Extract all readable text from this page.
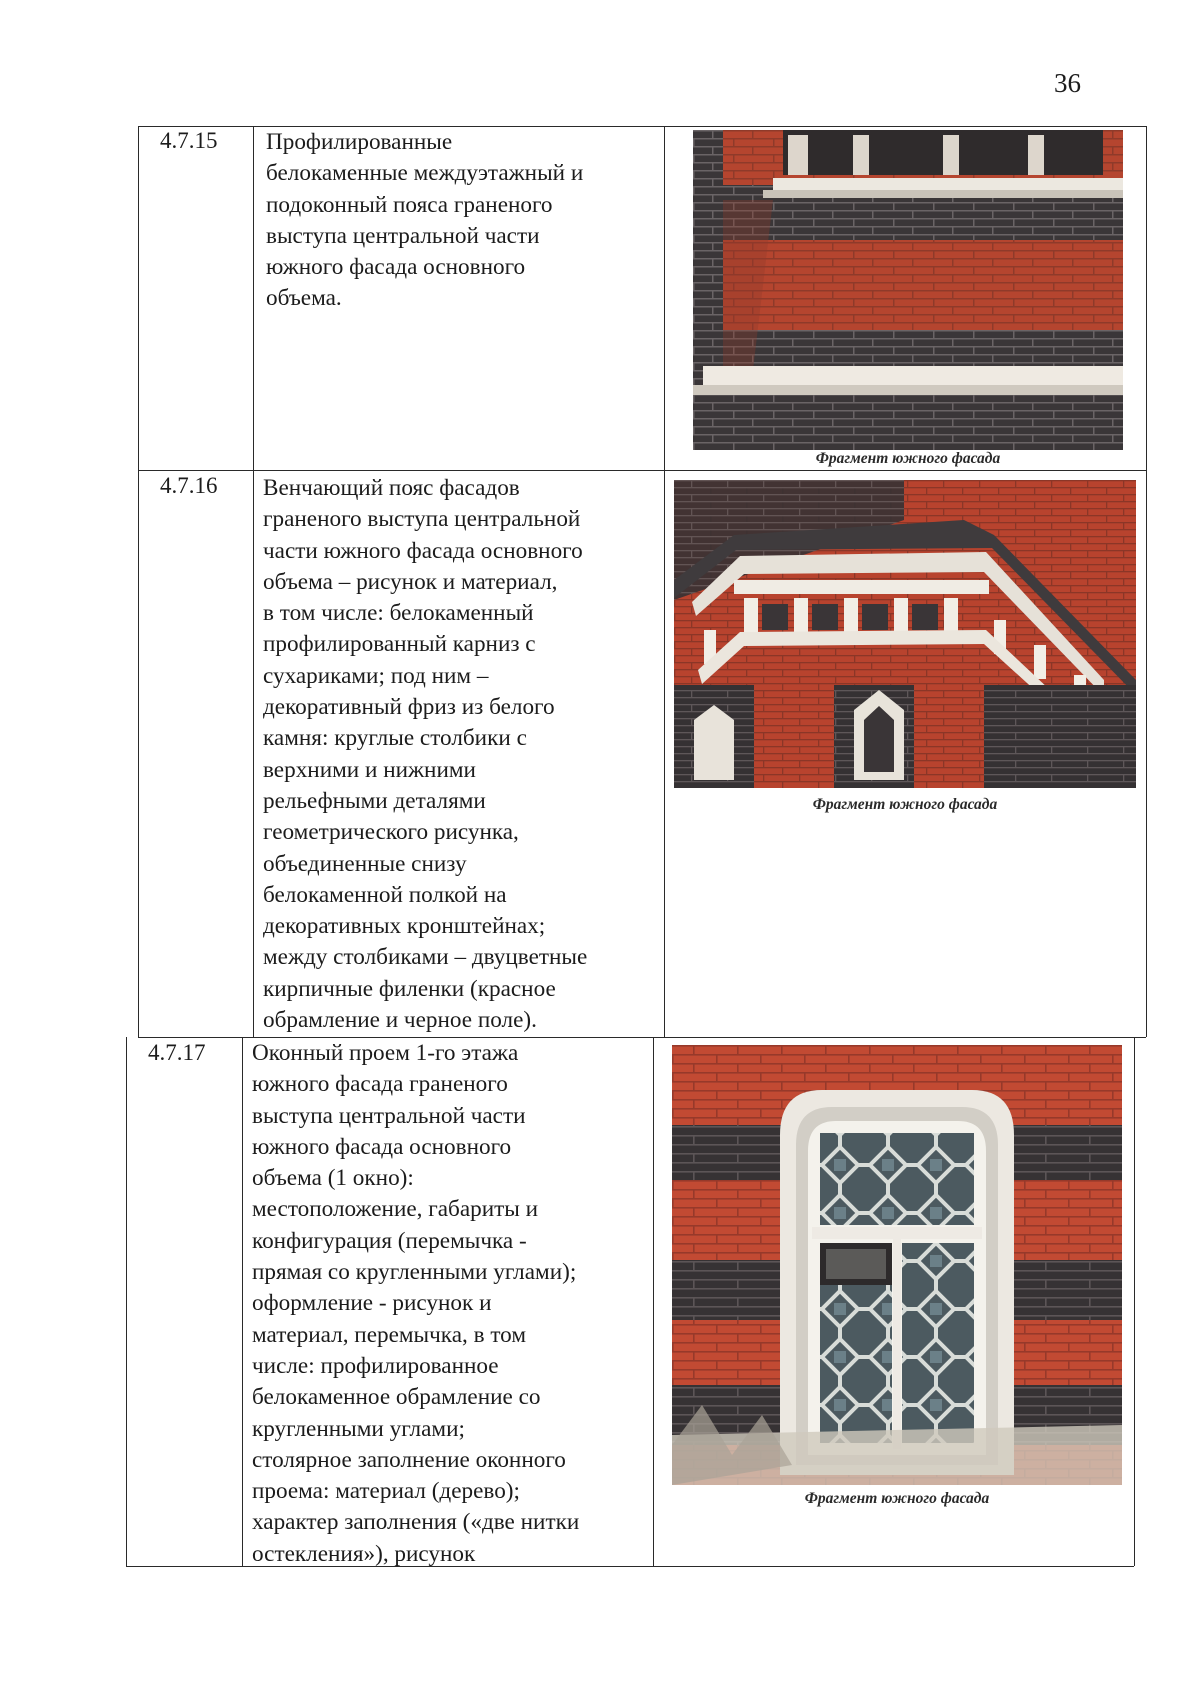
36
4.7.15 Профилированные
белокаменные междуэтажный и
подоконный пояса граненого
выступа центральной части
южного фасада основного
объема.
Фрагмент южного фасада
4.7.16 Венчающий пояс фасадов
граненого выступа центральной
части южного фасада основного
объема – рисунок и материал,
в том числе: белокаменный
профилированный карниз с
сухариками; под ним –
декоративный фриз из белого
камня: круглые столбики с
верхними и нижними
рельефными деталями
геометрического рисунка,
объединенные снизу
белокаменной полкой на
декоративных кронштейнах;
между столбиками – двуцветные
кирпичные филенки (красное
обрамление и черное поле).
Фрагмент южного фасада
4.7.17 Оконный проем 1-го этажа
южного фасада граненого
выступа центральной части
южного фасада основного
объема (1 окно):
местоположение, габариты и
конфигурация (перемычка -
прямая со кругленными углами);
оформление - рисунок и
материал, перемычка, в том
числе: профилированное
белокаменное обрамление со
кругленными углами;
столярное заполнение оконного
проема: материал (дерево);
характер заполнения («две нитки
остекления»), рисунок
Фрагмент южного фасада
